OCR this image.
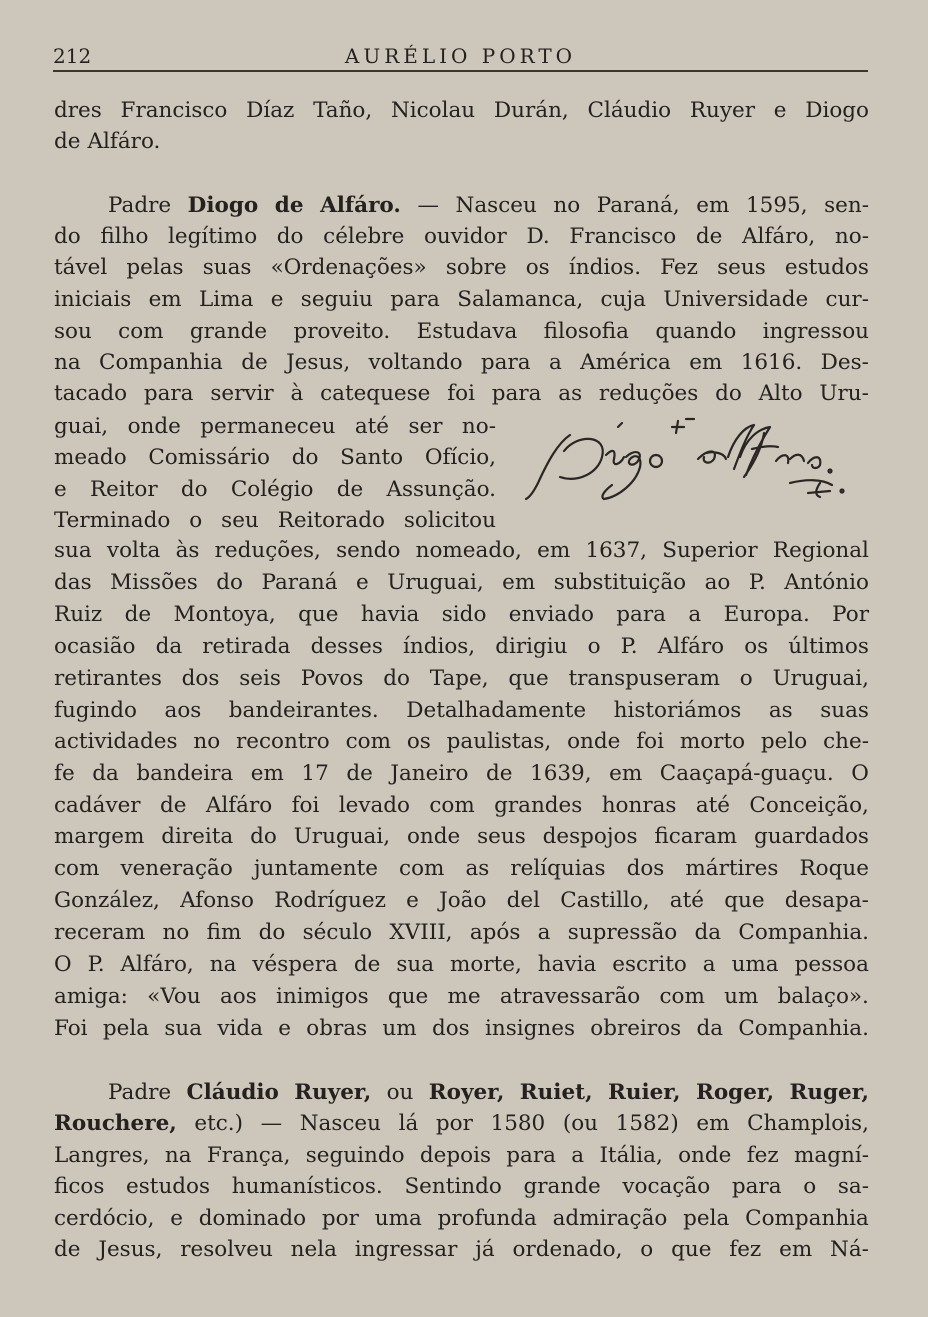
212	AURÉLIO PORTO
dres Francisco Díaz Taño, Nicolau Durán, Cláudio Ruyer e Diogo
de Alfáro.
Padre Diogo de Alfáro. — Nasceu no Paraná, em 1595, sen-
do filho legítimo do célebre ouvidor D. Francisco de Alfáro, no-
tável pelas suas «Ordenações» sobre os índios. Fez seus estudos
iniciais em Lima e seguiu para Salamanca, cuja Universidade cur-
sou com grande proveito. Estudava filosofia quando ingressou
na Companhia de Jesus, voltando para a América em 1616. Des-
tacado para servir à catequese foi para as reduções do Alto Uru-
guai, onde permaneceu até ser no-
meado Comissário do Santo Ofício,
e Reitor do Colégio de Assunção.
Terminado o seu Reitorado solicitou
sua volta às reduções, sendo nomeado, em 1637, Superior Regional
das Missões do Paraná e Uruguai, em substituição ao P. António
Ruiz de Montoya, que havia sido enviado para a Europa. Por
ocasião da retirada desses índios, dirigiu o P. Alfáro os últimos
retirantes dos seis Povos do Tape, que transpuseram o Uruguai,
fugindo aos bandeirantes. Detalhadamente historiámos as suas
actividades no recontro com os paulistas, onde foi morto pelo che-
fe da bandeira em 17 de Janeiro de 1639, em Caaçapá-guaçu. O
cadáver de Alfáro foi levado com grandes honras até Conceição,
margem direita do Uruguai, onde seus despojos ficaram guardados
com veneração juntamente com as relíquias dos mártires Roque
González, Afonso Rodríguez e João del Castillo, até que desapa-
receram no fim do século XVIII, após a supressão da Companhia.
O P. Alfáro, na véspera de sua morte, havia escrito a uma pessoa
amiga: «Vou aos inimigos que me atravessarão com um balaço».
Foi pela sua vida e obras um dos insignes obreiros da Companhia.
Padre Cláudio Ruyer, ou Royer, Ruiet, Ruier, Roger, Ruger,
Rouchere, etc.) — Nasceu lá por 1580 (ou 1582) em Champlois,
Langres, na França, seguindo depois para a Itália, onde fez magní-
ficos estudos humanísticos. Sentindo grande vocação para o sa-
cerdócio, e dominado por uma profunda admiração pela Companhia
de Jesus, resolveu nela ingressar já ordenado, o que fez em Ná-
